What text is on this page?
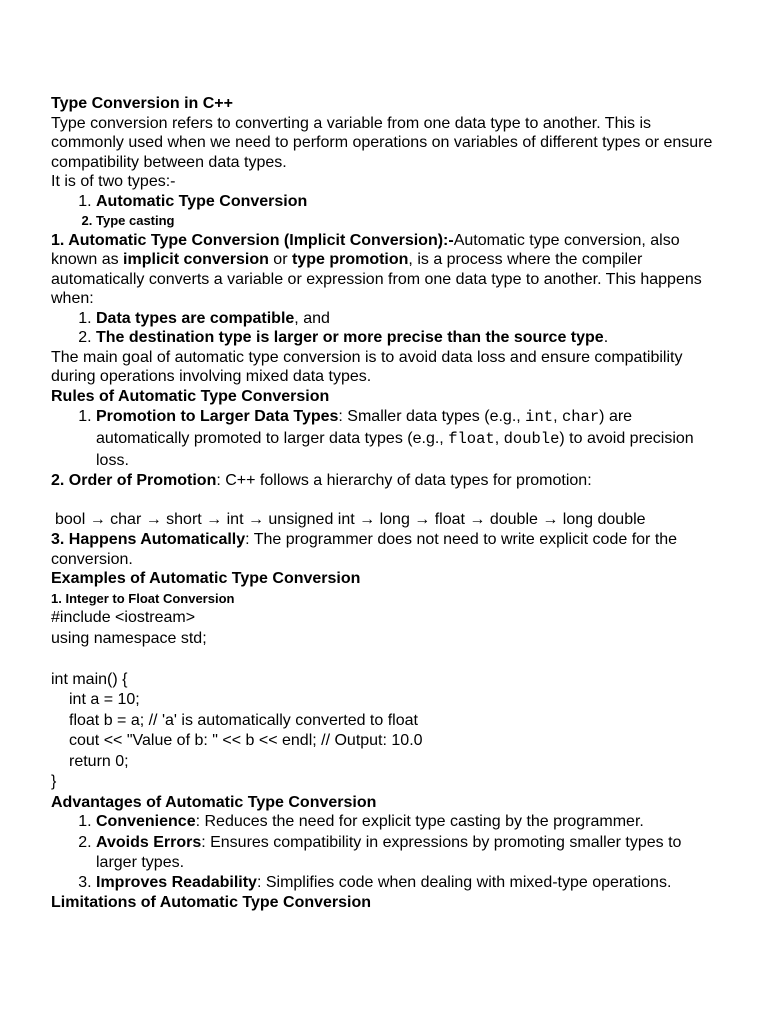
Type Conversion in C++

Type conversion refers to converting a variable from one data type to another. This is commonly used when we need to perform operations on variables of different types or ensure compatibility between data types.

It is of two types:-

1. Automatic Type Conversion
2. Type casting

1. Automatic Type Conversion (Implicit Conversion):-Automatic type conversion, also known as implicit conversion or type promotion, is a process where the compiler automatically converts a variable or expression from one data type to another. This happens when:

1. Data types are compatible, and
2. The destination type is larger or more precise than the source type.

The main goal of automatic type conversion is to avoid data loss and ensure compatibility during operations involving mixed data types.

Rules of Automatic Type Conversion

1. Promotion to Larger Data Types: Smaller data types (e.g., int, char) are automatically promoted to larger data types (e.g., float, double) to avoid precision loss.

2. Order of Promotion: C++ follows a hierarchy of data types for promotion:

bool → char → short → int → unsigned int → long → float → double → long double

3. Happens Automatically: The programmer does not need to write explicit code for the conversion.

Examples of Automatic Type Conversion

1. Integer to Float Conversion

#include <iostream>
using namespace std;
int main() {
int a = 10;
float b = a; // 'a' is automatically converted to float
cout << "Value of b: " << b << endl; // Output: 10.0
return 0;
}

Advantages of Automatic Type Conversion

1. Convenience: Reduces the need for explicit type casting by the programmer.
2. Avoids Errors: Ensures compatibility in expressions by promoting smaller types to larger types.
3. Improves Readability: Simplifies code when dealing with mixed-type operations.

Limitations of Automatic Type Conversion
